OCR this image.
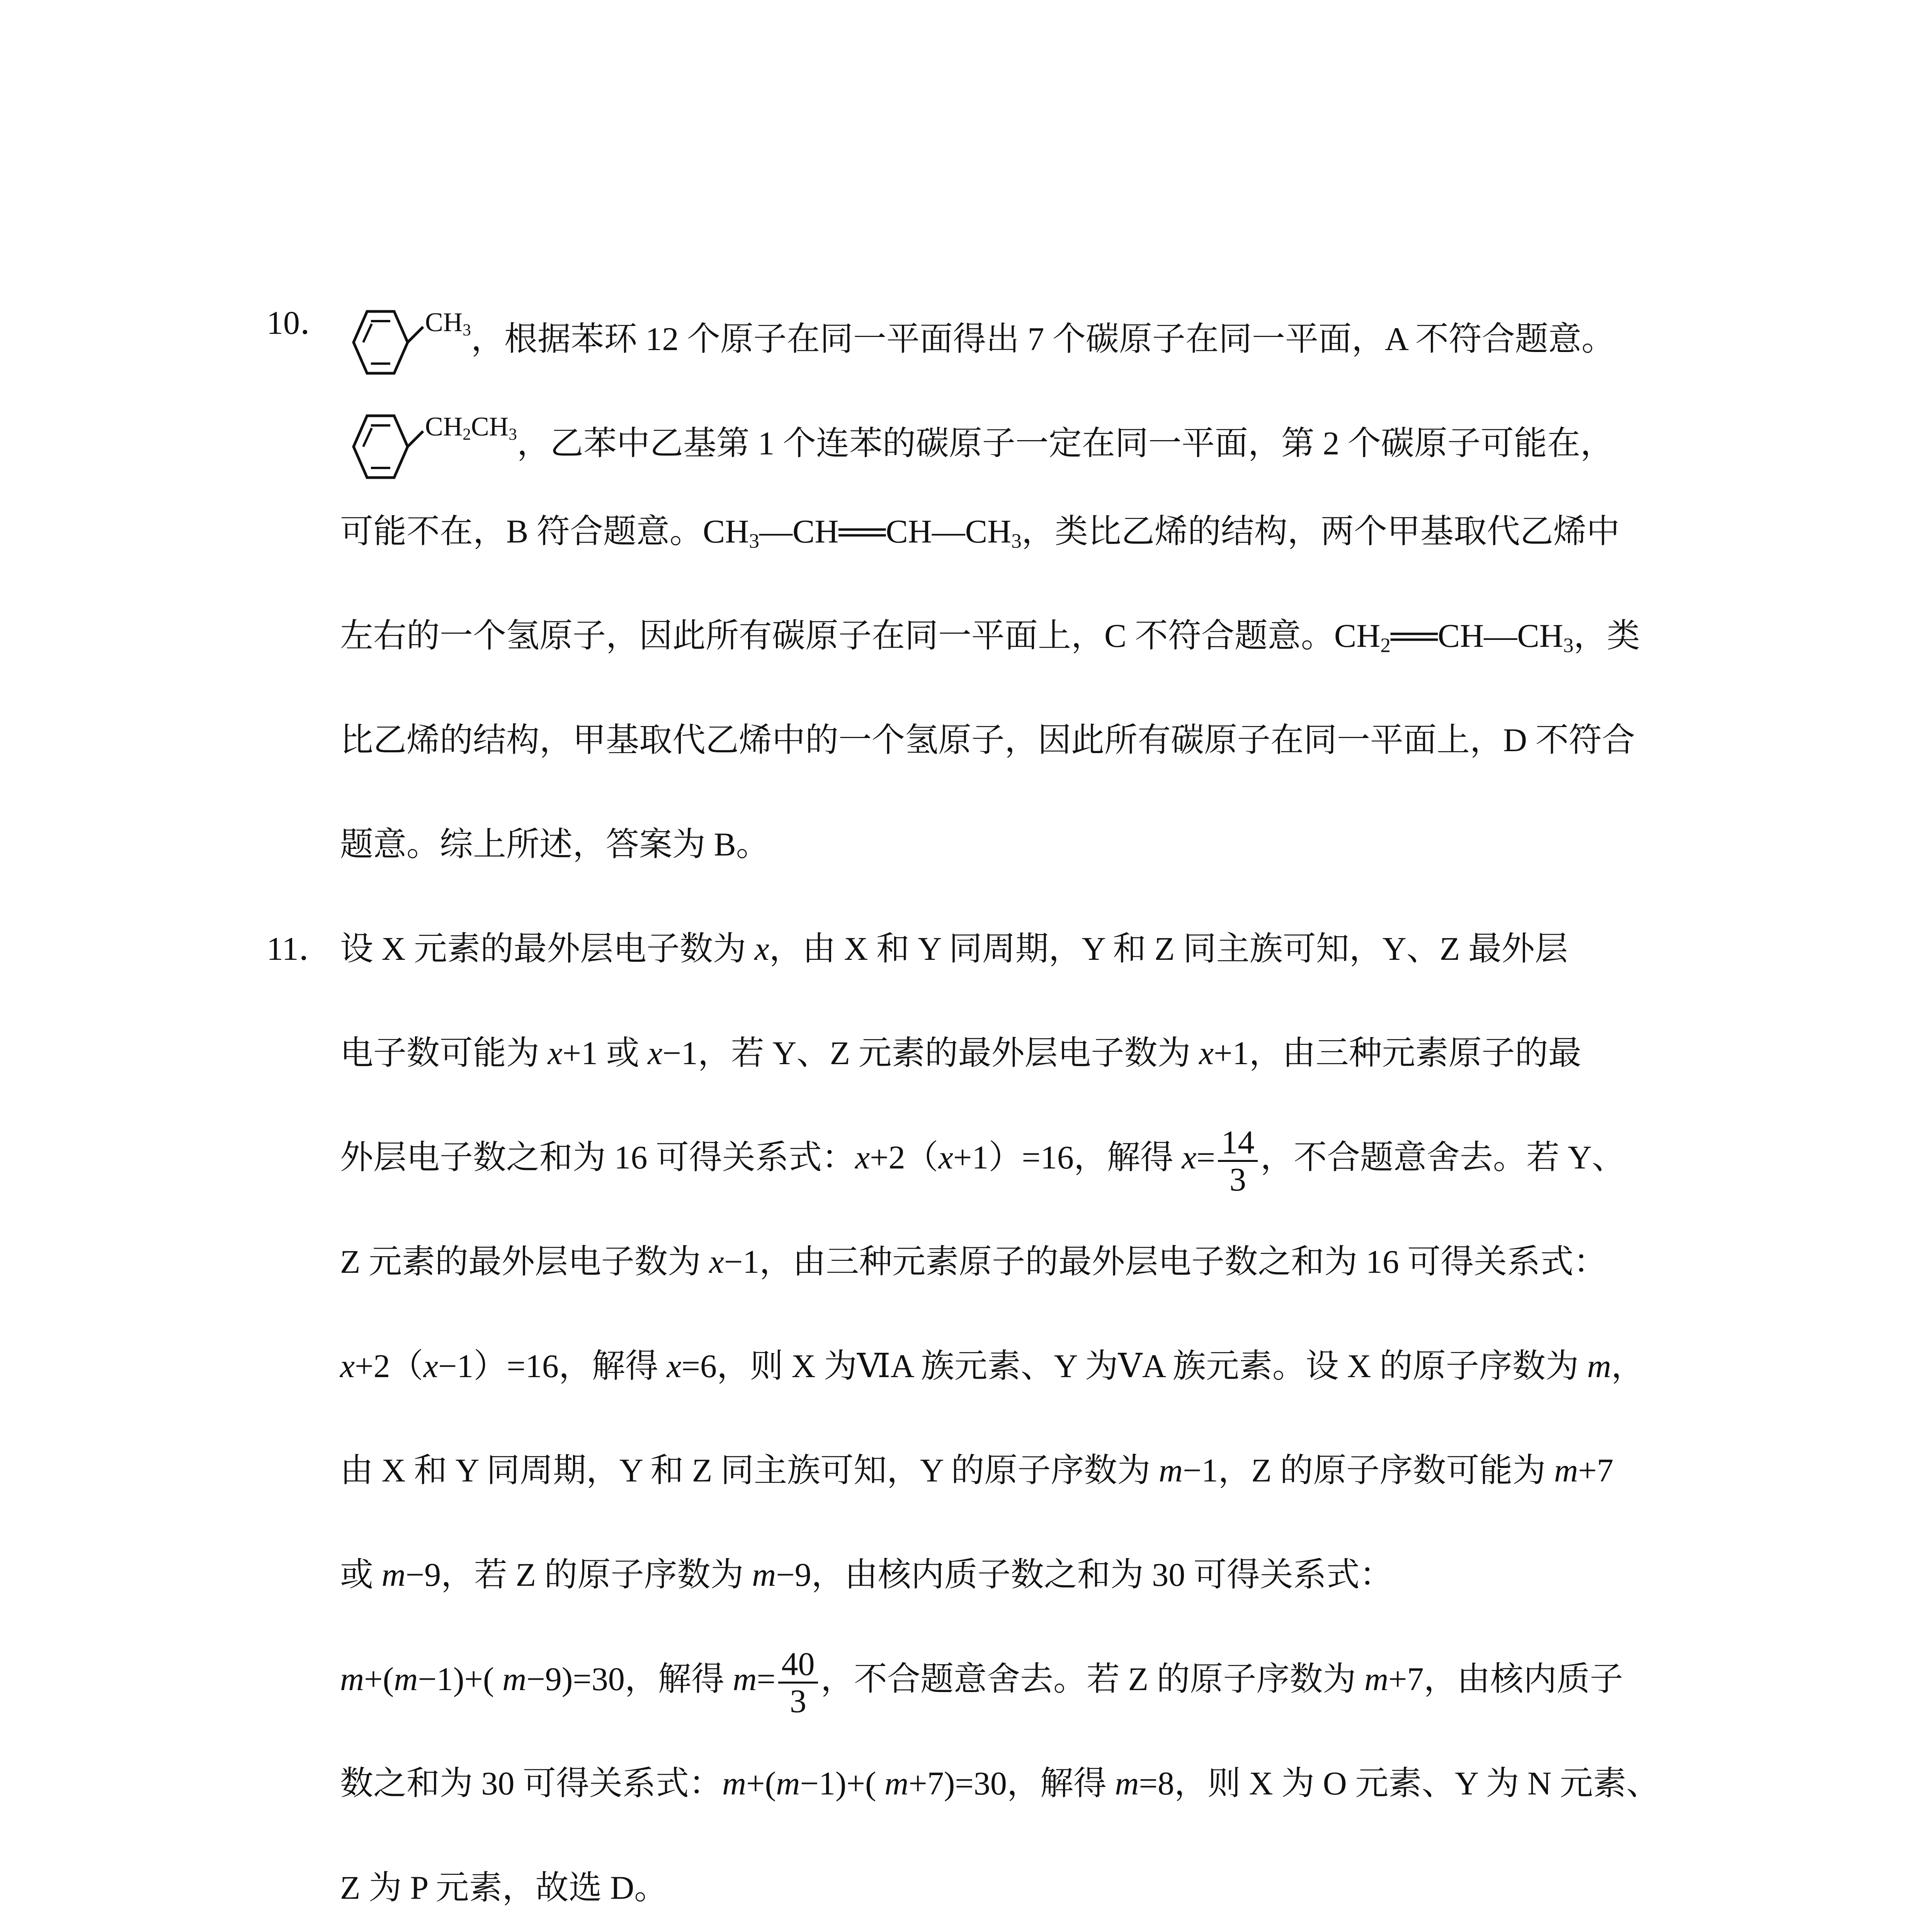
10．	$^{CH_3}$，根据苯环 12 个原子在同一平面得出 7 个碳原子在同一平面，A 不符合题意。
$^{CH_2CH_3}$，乙苯中乙基第 1 个连苯的碳原子一定在同一平面，第 2 个碳原子可能在，
可能不在，B 符合题意。$CH_3—CH══CH—CH_3$，类比乙烯的结构，两个甲基取代乙烯中
左右的一个氢原子，因此所有碳原子在同一平面上，C 不符合题意。$CH_2══CH—CH_3$，类
比乙烯的结构，甲基取代乙烯中的一个氢原子，因此所有碳原子在同一平面上，D 不符合
题意。综上所述，答案为 B。
11． 设 X 元素的最外层电子数为 x，由 X 和 Y 同周期，Y 和 Z 同主族可知，Y、Z 最外层
电子数可能为 x+1 或 x−1，若 Y、Z 元素的最外层电子数为 x+1，由三种元素原子的最
外层电子数之和为 16 可得关系式：x+2（x+1）=16，解得 $x= \frac{14}{3}$ ，不合题意舍去。若 Y、
Z 元素的最外层电子数为 x−1，由三种元素原子的最外层电子数之和为 16 可得关系式：
x+2（x−1）=16，解得 x=6，则 X 为ⅥA 族元素、Y 为ⅤA 族元素。设 X 的原子序数为 m，
由 X 和 Y 同周期，Y 和 Z 同主族可知，Y 的原子序数为 m−1，Z 的原子序数可能为 m+7
或 m−9，若 Z 的原子序数为 m−9，由核内质子数之和为 30 可得关系式：
m+(m−1)+( m−9)=30，解得 $m= \frac{40}{3}$ ，不合题意舍去。若 Z 的原子序数为 m+7，由核内质子
数之和为 30 可得关系式：m+(m−1)+( m+7)=30，解得 m=8，则 X 为 O 元素、Y 为 N 元素、
Z 为 P 元素，故选 D。
